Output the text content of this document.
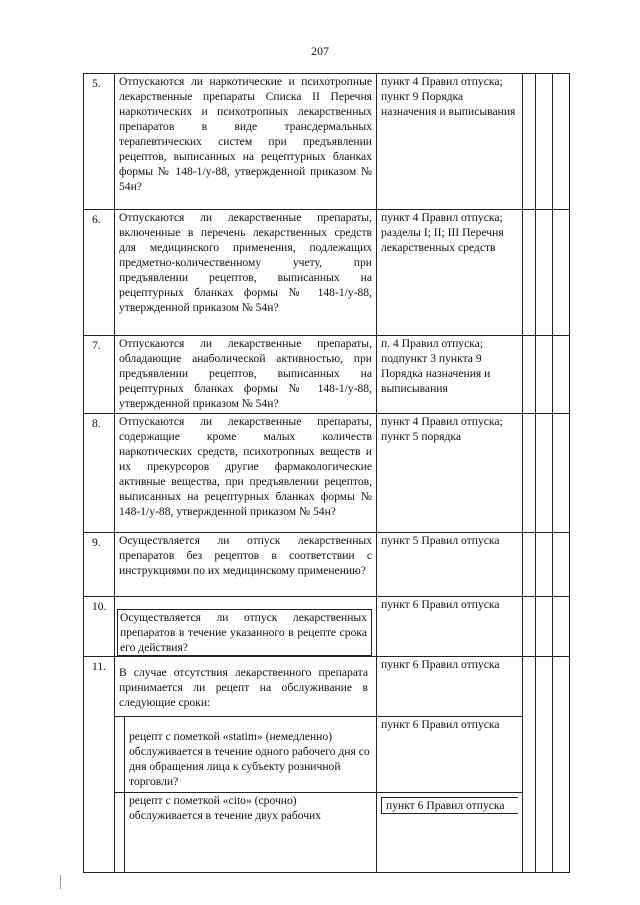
207
5.	Отпускаются ли наркотические и психотропные лекарственные препараты Списка II Перечня наркотических и психотропных лекарственных препаратов в виде трансдермальных терапевтических систем при предъявлении рецептов, выписанных на рецептурных бланках формы № 148-1/у-88, утвержденной приказом № 54н?		пункт 4 Правил отпуска; пункт 9 Порядка назначения и выписывания			
6.	Отпускаются ли лекарственные препараты, включенные в перечень лекарственных средств для медицинского применения, подлежащих предметно-количественному учету, при предъявлении рецептов, выписанных на рецептурных бланках формы № 148-1/у-88, утвержденной приказом № 54н?		пункт 4 Правил отпуска; разделы I; II; III Перечня лекарственных средств			
7.	Отпускаются ли лекарственные препараты, обладающие анаболической активностью, при предъявлении рецептов, выписанных на рецептурных бланках формы № 148-1/у-88, утвержденной приказом № 54н?		п. 4 Правил отпуска; подпункт 3 пункта 9 Порядка назначения и выписывания			
8.	Отпускаются ли лекарственные препараты, содержащие кроме малых количеств наркотических средств, психотропных веществ и их прекурсоров другие фармакологические активные вещества, при предъявлении рецептов, выписанных на рецептурных бланках формы № 148-1/у-88, утвержденной приказом № 54н?		пункт 4 Правил отпуска; пункт 5 порядка			
9.	Осуществляется ли отпуск лекарственных препаратов без рецептов в соответствии с инструкциями по их медицинскому применению?		пункт 5 Правил отпуска			
10.	Осуществляется ли отпуск лекарственных препаратов в течение указанного в рецепте срока его действия?		пункт 6 Правил отпуска			
11.	В случае отсутствия лекарственного препарата принимается ли рецепт на обслуживание в следующие сроки:		пункт 6 Правил отпуска			
		рецепт с пометкой «statim» (немедленно) обслуживается в течение одного рабочего дня со дня обращения лица к субъекту розничной торговли?	пункт 6 Правил отпуска			
		рецепт с пометкой «cito» (срочно) обслуживается в течение двух рабочих	пункт 6 Правил отпуска			
